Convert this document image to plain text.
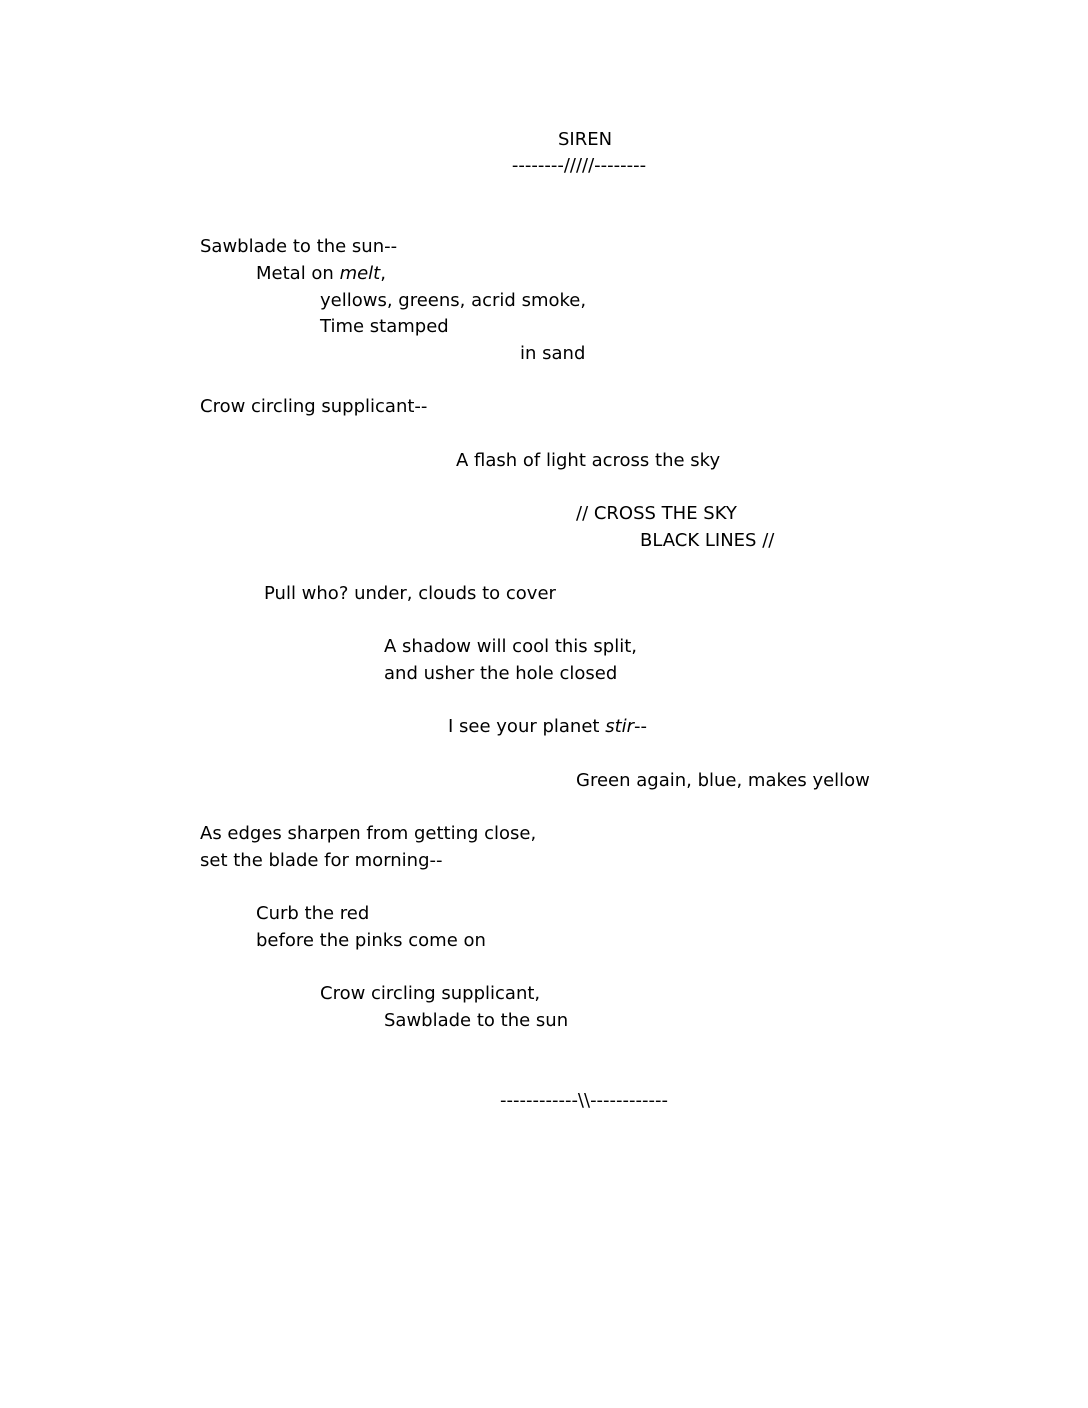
SIREN
--------/////--------
Sawblade to the sun--
Metal on melt,
yellows, greens, acrid smoke,
Time stamped
in sand
Crow circling supplicant--
A flash of light across the sky
// CROSS THE SKY
BLACK LINES //
Pull who? under, clouds to cover
A shadow will cool this split,
and usher the hole closed
I see your planet stir--
Green again, blue, makes yellow
As edges sharpen from getting close,
set the blade for morning--
Curb the red
before the pinks come on
Crow circling supplicant,
Sawblade to the sun
------------\\------------
